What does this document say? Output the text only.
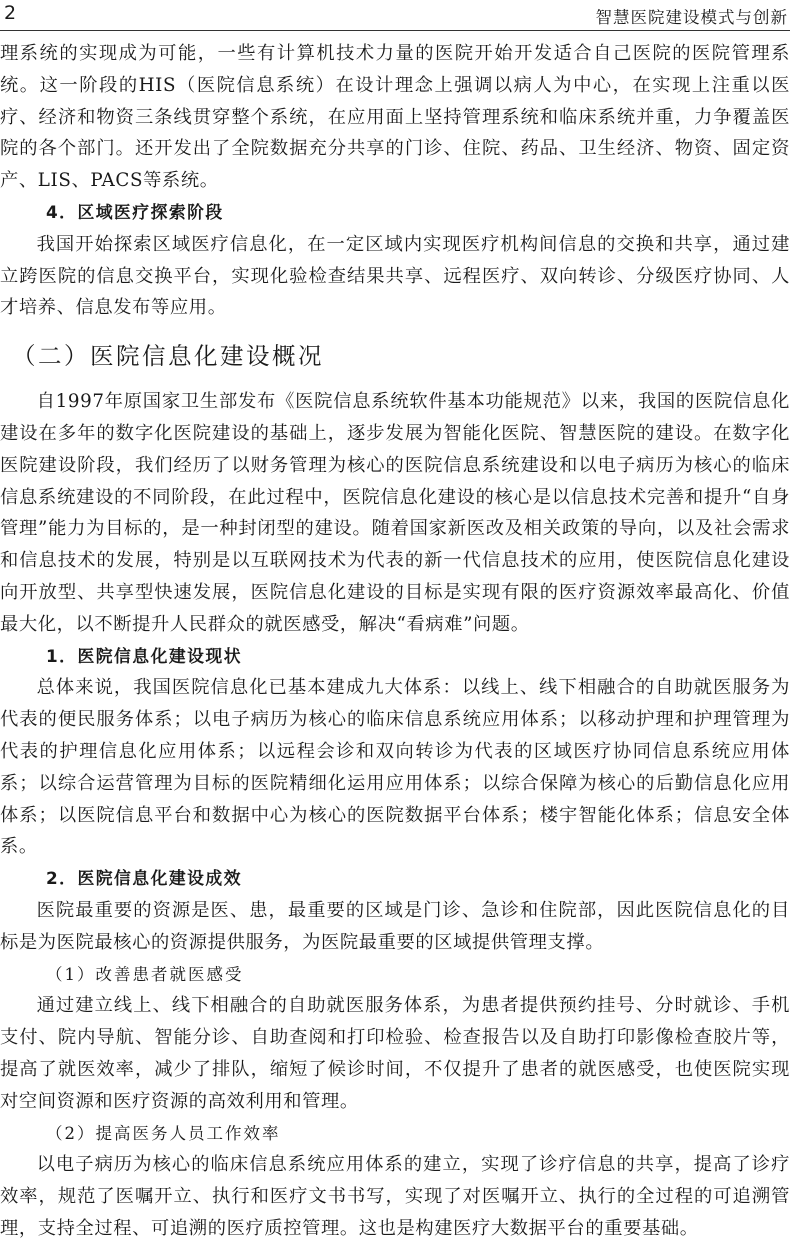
2	智慧医院建设模式与创新

理系统的实现成为可能，一些有计算机技术力量的医院开始开发适合自己医院的医院管理系统。这一阶段的HIS（医院信息系统）在设计理念上强调以病人为中心，在实现上注重以医疗、经济和物资三条线贯穿整个系统，在应用面上坚持管理系统和临床系统并重，力争覆盖医院的各个部门。还开发出了全院数据充分共享的门诊、住院、药品、卫生经济、物资、固定资产、LIS、PACS等系统。

4．区域医疗探索阶段

我国开始探索区域医疗信息化，在一定区域内实现医疗机构间信息的交换和共享，通过建立跨医院的信息交换平台，实现化验检查结果共享、远程医疗、双向转诊、分级医疗协同、人才培养、信息发布等应用。

（二）医院信息化建设概况

自1997年原国家卫生部发布《医院信息系统软件基本功能规范》以来，我国的医院信息化建设在多年的数字化医院建设的基础上，逐步发展为智能化医院、智慧医院的建设。在数字化医院建设阶段，我们经历了以财务管理为核心的医院信息系统建设和以电子病历为核心的临床信息系统建设的不同阶段，在此过程中，医院信息化建设的核心是以信息技术完善和提升“自身管理”能力为目标的，是一种封闭型的建设。随着国家新医改及相关政策的导向，以及社会需求和信息技术的发展，特别是以互联网技术为代表的新一代信息技术的应用，使医院信息化建设向开放型、共享型快速发展，医院信息化建设的目标是实现有限的医疗资源效率最高化、价值最大化，以不断提升人民群众的就医感受，解决“看病难”问题。

1．医院信息化建设现状

总体来说，我国医院信息化已基本建成九大体系：以线上、线下相融合的自助就医服务为代表的便民服务体系；以电子病历为核心的临床信息系统应用体系；以移动护理和护理管理为代表的护理信息化应用体系；以远程会诊和双向转诊为代表的区域医疗协同信息系统应用体系；以综合运营管理为目标的医院精细化运用应用体系；以综合保障为核心的后勤信息化应用体系；以医院信息平台和数据中心为核心的医院数据平台体系；楼宇智能化体系；信息安全体系。

2．医院信息化建设成效

医院最重要的资源是医、患，最重要的区域是门诊、急诊和住院部，因此医院信息化的目标是为医院最核心的资源提供服务，为医院最重要的区域提供管理支撑。

（1）改善患者就医感受

通过建立线上、线下相融合的自助就医服务体系，为患者提供预约挂号、分时就诊、手机支付、院内导航、智能分诊、自助查阅和打印检验、检查报告以及自助打印影像检查胶片等，提高了就医效率，减少了排队，缩短了候诊时间，不仅提升了患者的就医感受，也使医院实现对空间资源和医疗资源的高效利用和管理。

（2）提高医务人员工作效率

以电子病历为核心的临床信息系统应用体系的建立，实现了诊疗信息的共享，提高了诊疗效率，规范了医嘱开立、执行和医疗文书书写，实现了对医嘱开立、执行的全过程的可追溯管理，支持全过程、可追溯的医疗质控管理。这也是构建医疗大数据平台的重要基础。
